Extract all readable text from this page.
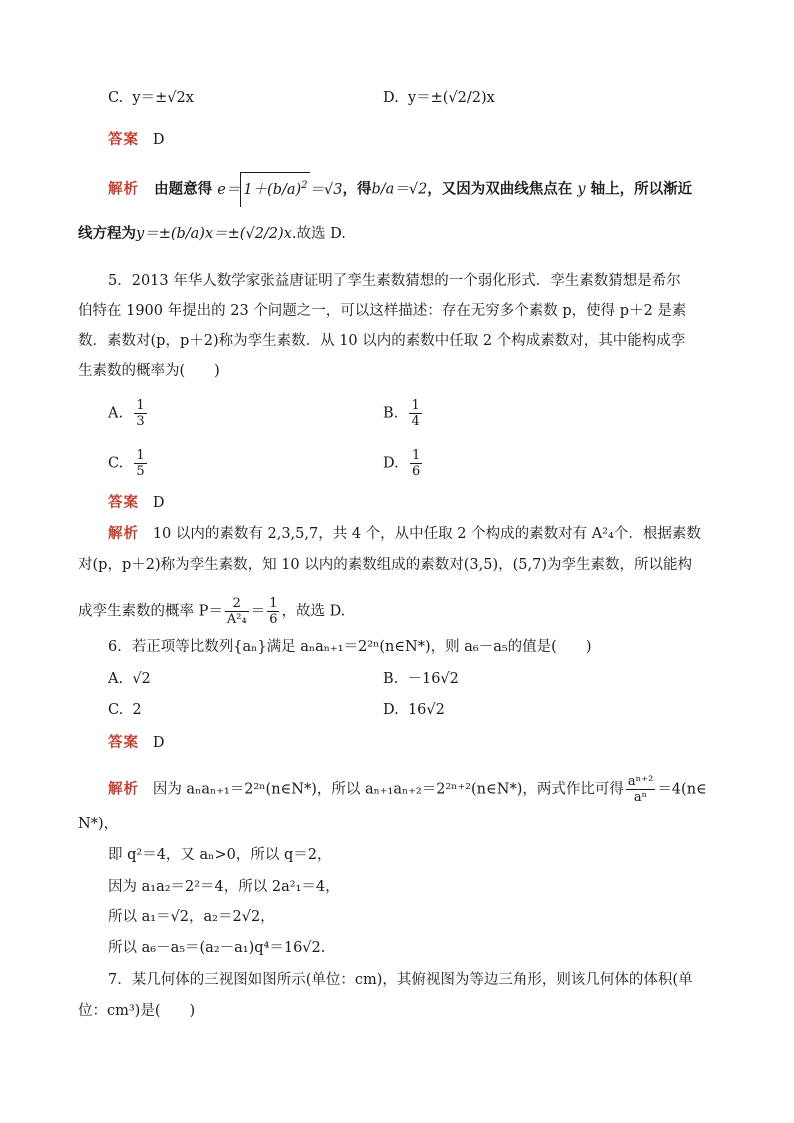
C. y＝±√2x	D. y＝±(√2/2)x
答案 D
解析 由题意得 $e= 1+(b/a)^2 =√3$，得b/a＝√2，又因为双曲线焦点在 y 轴上，所以渐近
线方程为y＝±(b/a)x＝±(√2/2)x.故选 D.
5．2013 年华人数学家张益唐证明了孪生素数猜想的一个弱化形式．孪生素数猜想是希尔
伯特在 1900 年提出的 23 个问题之一，可以这样描述：存在无穷多个素数 p，使得 p＋2 是素
数．素数对(p，p＋2)称为孪生素数．从 10 以内的素数中任取 2 个构成素数对，其中能构成孪
生素数的概率为(　　)
A. $\frac{1}{3}$	B. $\frac{1}{4}$
C. $\frac{1}{5}$	D. $\frac{1}{6}$
答案 D
解析 10 以内的素数有 2,3,5,7，共 4 个，从中任取 2 个构成的素数对有 A²₄个．根据素数
对(p，p＋2)称为孪生素数，知 10 以内的素数组成的素数对(3,5)，(5,7)为孪生素数，所以能构
成孪生素数的概率 $P= \frac{2}{\text{A²₄}} = \frac{1}{6}$ ，故选 D.
6．若正项等比数列{aₙ}满足 aₙaₙ₊₁＝2²ⁿ(n∈N*)，则 a₆－a₅的值是(　　)
A. √2	B. －16√2
C. 2	D. 16√2
答案 D
解析 因为 aₙaₙ₊₁＝2²ⁿ(n∈N*)，所以 aₙ₊₁aₙ₊₂＝2²ⁿ⁺²(n∈N*)，两式作比可得 $\frac{\text{aⁿ⁺²}}{\text{aⁿ}}$ ＝4(n∈
N*)，
即 q²＝4，又 aₙ>0，所以 q＝2，
因为 a₁a₂＝2²＝4，所以 2a²₁＝4，
所以 a₁＝√2，a₂＝2√2，
所以 a₆－a₅＝(a₂－a₁)q⁴＝16√2.
7．某几何体的三视图如图所示(单位：cm)，其俯视图为等边三角形，则该几何体的体积(单
位：cm³)是(　　)
